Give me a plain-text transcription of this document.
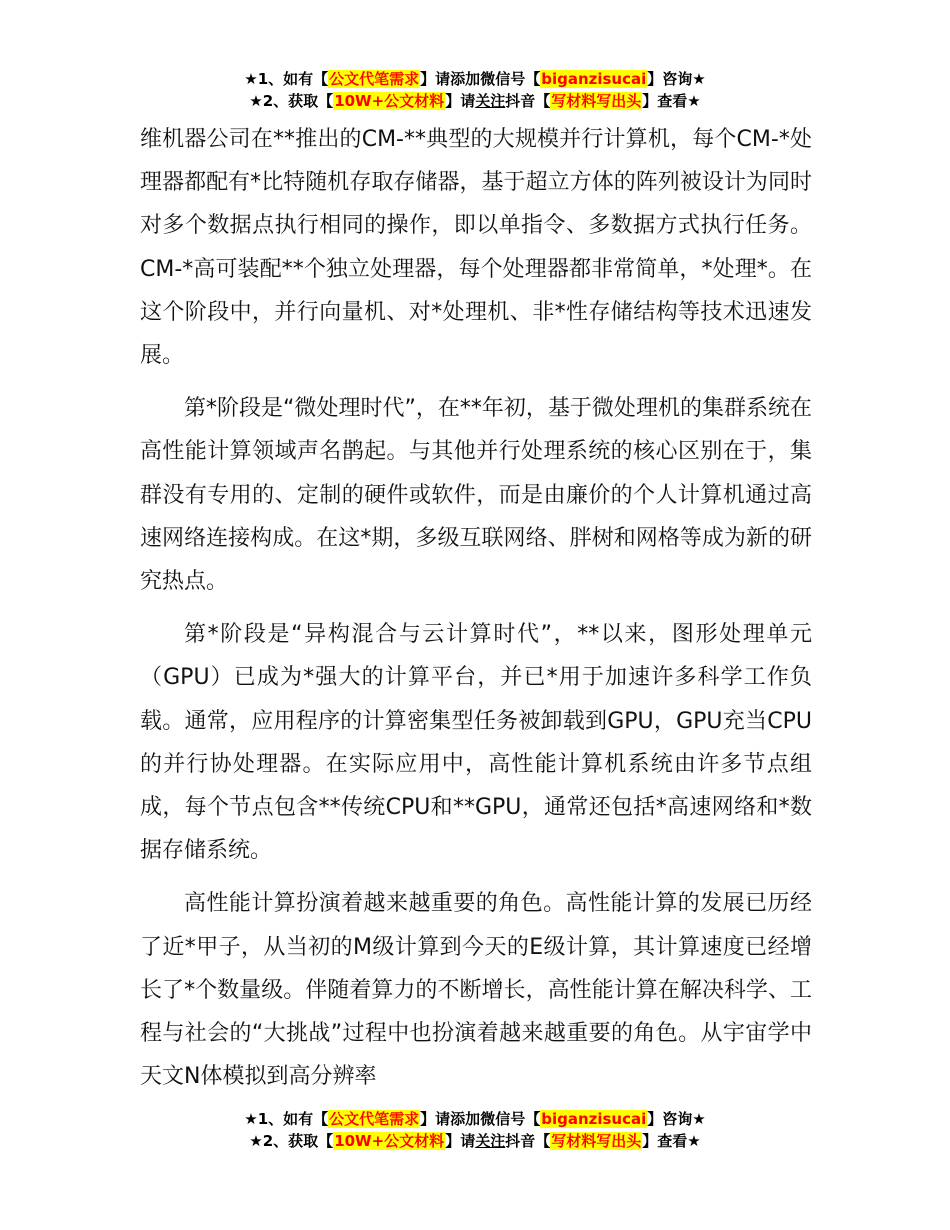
★1、如有【公文代笔需求】请添加微信号【biganzisucai】咨询★
★2、获取【10W+公文材料】请关注抖音【写材料写出头】查看★

维机器公司在**推出的CM-**典型的大规模并行计算机，每个CM-*处理器都配有*比特随机存取存储器，基于超立方体的阵列被设计为同时对多个数据点执行相同的操作，即以单指令、多数据方式执行任务。CM-*高可装配**个独立处理器，每个处理器都非常简单，*处理*。在这个阶段中，并行向量机、对*处理机、非*性存储结构等技术迅速发展。

第*阶段是“微处理时代”，在**年初，基于微处理机的集群系统在高性能计算领域声名鹊起。与其他并行处理系统的核心区别在于，集群没有专用的、定制的硬件或软件，而是由廉价的个人计算机通过高速网络连接构成。在这*期，多级互联网络、胖树和网格等成为新的研究热点。

第*阶段是“异构混合与云计算时代”，**以来，图形处理单元（GPU）已成为*强大的计算平台，并已*用于加速许多科学工作负载。通常，应用程序的计算密集型任务被卸载到GPU，GPU充当CPU的并行协处理器。在实际应用中，高性能计算机系统由许多节点组成，每个节点包含**传统CPU和**GPU，通常还包括*高速网络和*数据存储系统。

高性能计算扮演着越来越重要的角色。高性能计算的发展已历经了近*甲子，从当初的M级计算到今天的E级计算，其计算速度已经增长了*个数量级。伴随着算力的不断增长，高性能计算在解决科学、工程与社会的“大挑战”过程中也扮演着越来越重要的角色。从宇宙学中天文N体模拟到高分辨率

★1、如有【公文代笔需求】请添加微信号【biganzisucai】咨询★
★2、获取【10W+公文材料】请关注抖音【写材料写出头】查看★
